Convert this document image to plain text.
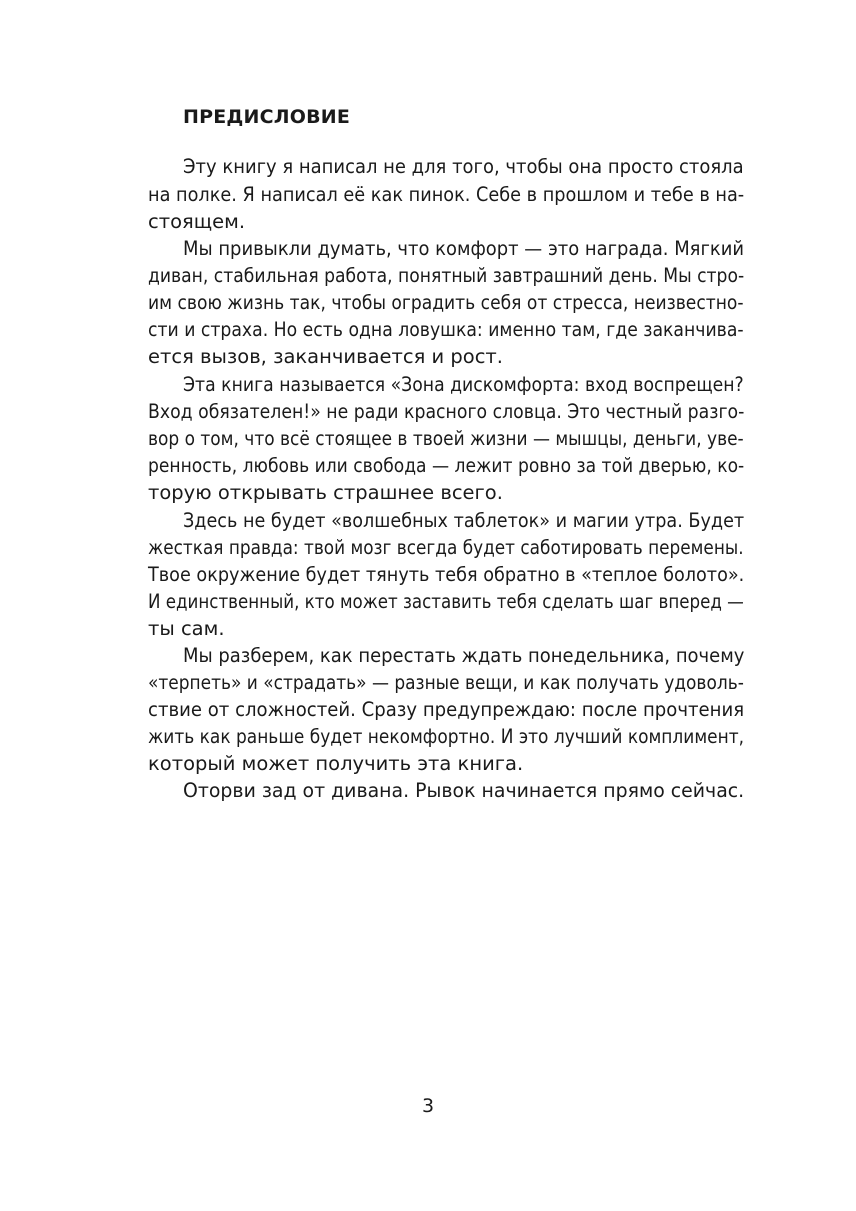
ПРЕДИСЛОВИЕ
Эту книгу я написал не для того, чтобы она просто стояла
на полке. Я написал её как пинок. Себе в прошлом и тебе в на-
стоящем.
Мы привыкли думать, что комфорт — это награда. Мягкий
диван, стабильная работа, понятный завтрашний день. Мы стро-
им свою жизнь так, чтобы оградить себя от стресса, неизвестно-
сти и страха. Но есть одна ловушка: именно там, где заканчива-
ется вызов, заканчивается и рост.
Эта книга называется «Зона дискомфорта: вход воспрещен?
Вход обязателен!» не ради красного словца. Это честный разго-
вор о том, что всё стоящее в твоей жизни — мышцы, деньги, уве-
ренность, любовь или свобода — лежит ровно за той дверью, ко-
торую открывать страшнее всего.
Здесь не будет «волшебных таблеток» и магии утра. Будет
жесткая правда: твой мозг всегда будет саботировать перемены.
Твое окружение будет тянуть тебя обратно в «теплое болото».
И единственный, кто может заставить тебя сделать шаг вперед —
ты сам.
Мы разберем, как перестать ждать понедельника, почему
«терпеть» и «страдать» — разные вещи, и как получать удоволь-
ствие от сложностей. Сразу предупреждаю: после прочтения
жить как раньше будет некомфортно. И это лучший комплимент,
который может получить эта книга.
Оторви зад от дивана. Рывок начинается прямо сейчас.
3
